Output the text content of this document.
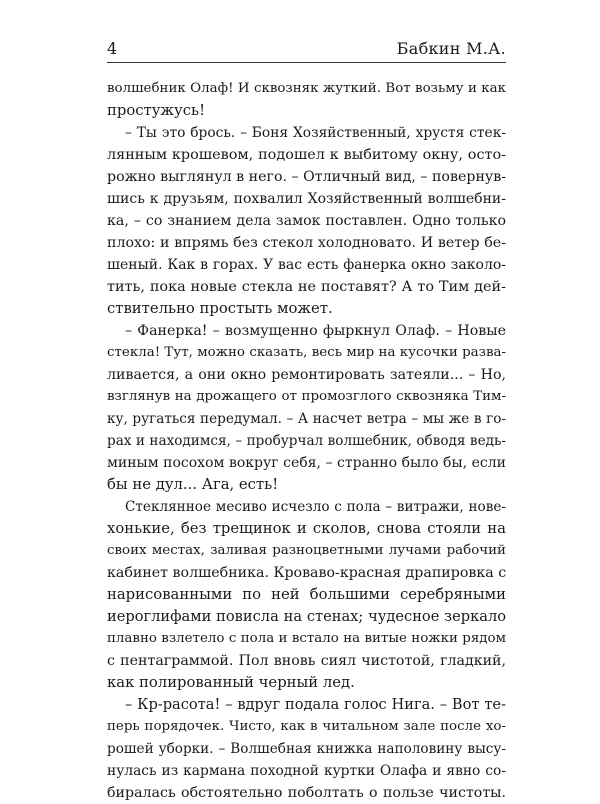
4	Бабкин М.А.
волшебник Олаф! И сквозняк жуткий. Вот возьму и как
простужусь!
– Ты это брось. – Боня Хозяйственный, хрустя стек-
лянным крошевом, подошел к выбитому окну, осто-
рожно выглянул в него. – Отличный вид, – повернув-
шись к друзьям, похвалил Хозяйственный волшебни-
ка, – со знанием дела замок поставлен. Одно только
плохо: и впрямь без стекол холодновато. И ветер бе-
шеный. Как в горах. У вас есть фанерка окно заколо-
тить, пока новые стекла не поставят? А то Тим дей-
ствительно простыть может.
– Фанерка! – возмущенно фыркнул Олаф. – Новые
стекла! Тут, можно сказать, весь мир на кусочки разва-
ливается, а они окно ремонтировать затеяли... – Но,
взглянув на дрожащего от промозглого сквозняка Тим-
ку, ругаться передумал. – А насчет ветра – мы же в го-
рах и находимся, – пробурчал волшебник, обводя ведь-
миным посохом вокруг себя, – странно было бы, если
бы не дул... Ага, есть!
Стеклянное месиво исчезло с пола – витражи, нове-
хонькие, без трещинок и сколов, снова стояли на
своих местах, заливая разноцветными лучами рабочий
кабинет волшебника. Кроваво-красная драпировка с
нарисованными по ней большими серебряными
иероглифами повисла на стенах; чудесное зеркало
плавно взлетело с пола и встало на витые ножки рядом
с пентаграммой. Пол вновь сиял чистотой, гладкий,
как полированный черный лед.
– Кр-расота! – вдруг подала голос Нига. – Вот те-
перь порядочек. Чисто, как в читальном зале после хо-
рошей уборки. – Волшебная книжка наполовину высу-
нулась из кармана походной куртки Олафа и явно со-
биралась обстоятельно поболтать о пользе чистоты.
